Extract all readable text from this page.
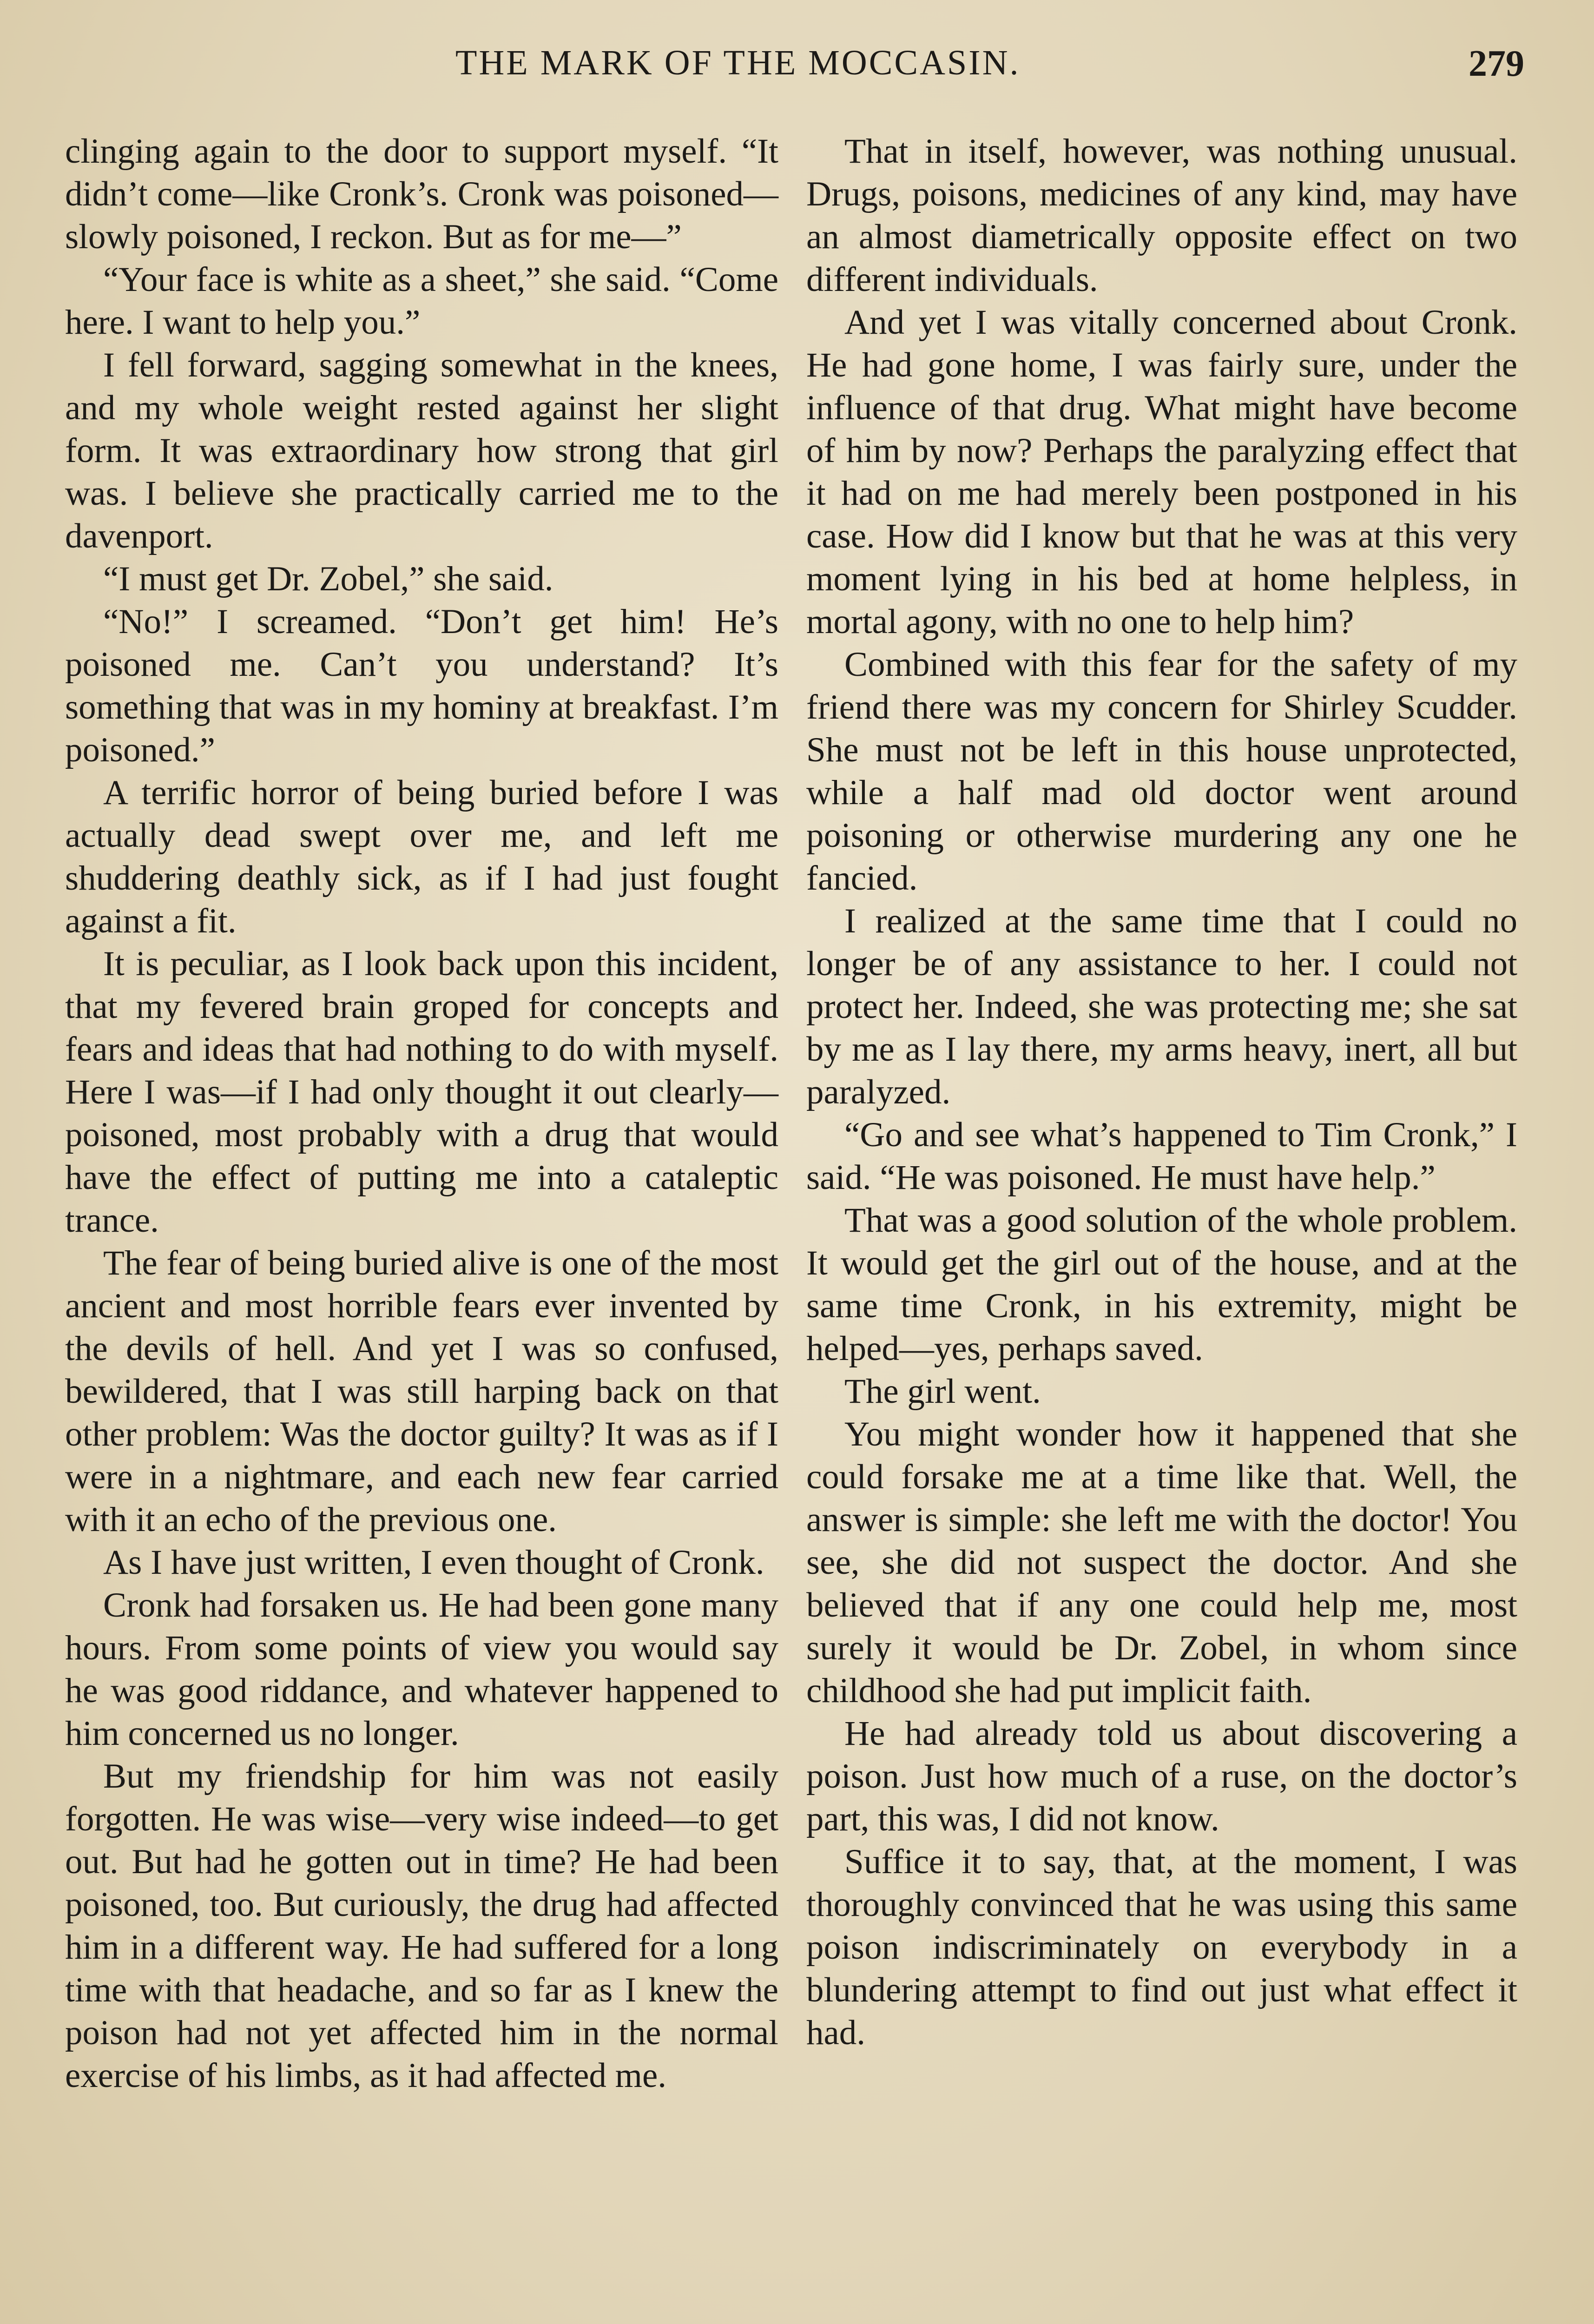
THE MARK OF THE MOCCASIN.	279

clinging again to the door to support myself. “It didn’t come—like Cronk’s. Cronk was poisoned—slowly poisoned, I reckon. But as for me—”

“Your face is white as a sheet,” she said. “Come here. I want to help you.”

I fell forward, sagging somewhat in the knees, and my whole weight rested against her slight form. It was extraordinary how strong that girl was. I believe she practically carried me to the davenport.

“I must get Dr. Zobel,” she said.

“No!” I screamed. “Don’t get him! He’s poisoned me. Can’t you understand? It’s something that was in my hominy at breakfast. I’m poisoned.”

A terrific horror of being buried before I was actually dead swept over me, and left me shuddering deathly sick, as if I had just fought against a fit.

It is peculiar, as I look back upon this incident, that my fevered brain groped for concepts and fears and ideas that had nothing to do with myself. Here I was—if I had only thought it out clearly—poisoned, most probably with a drug that would have the effect of putting me into a cataleptic trance.

The fear of being buried alive is one of the most ancient and most horrible fears ever invented by the devils of hell. And yet I was so confused, bewildered, that I was still harping back on that other problem: Was the doctor guilty? It was as if I were in a nightmare, and each new fear carried with it an echo of the previous one.

As I have just written, I even thought of Cronk.

Cronk had forsaken us. He had been gone many hours. From some points of view you would say he was good riddance, and whatever happened to him concerned us no longer.

But my friendship for him was not easily forgotten. He was wise—very wise indeed—to get out. But had he gotten out in time? He had been poisoned, too. But curiously, the drug had affected him in a different way. He had suffered for a long time with that headache, and so far as I knew the poison had not yet affected him in the normal exercise of his limbs, as it had affected me.

That in itself, however, was nothing unusual. Drugs, poisons, medicines of any kind, may have an almost diametrically opposite effect on two different individuals.

And yet I was vitally concerned about Cronk. He had gone home, I was fairly sure, under the influence of that drug. What might have become of him by now? Perhaps the paralyzing effect that it had on me had merely been postponed in his case. How did I know but that he was at this very moment lying in his bed at home helpless, in mortal agony, with no one to help him?

Combined with this fear for the safety of my friend there was my concern for Shirley Scudder. She must not be left in this house unprotected, while a half mad old doctor went around poisoning or otherwise murdering any one he fancied.

I realized at the same time that I could no longer be of any assistance to her. I could not protect her. Indeed, she was protecting me; she sat by me as I lay there, my arms heavy, inert, all but paralyzed.

“Go and see what’s happened to Tim Cronk,” I said. “He was poisoned. He must have help.”

That was a good solution of the whole problem. It would get the girl out of the house, and at the same time Cronk, in his extremity, might be helped—yes, perhaps saved.

The girl went.

You might wonder how it happened that she could forsake me at a time like that. Well, the answer is simple: she left me with the doctor! You see, she did not suspect the doctor. And she believed that if any one could help me, most surely it would be Dr. Zobel, in whom since childhood she had put implicit faith.

He had already told us about discovering a poison. Just how much of a ruse, on the doctor’s part, this was, I did not know.

Suffice it to say, that, at the moment, I was thoroughly convinced that he was using this same poison indiscriminately on everybody in a blundering attempt to find out just what effect it had.
